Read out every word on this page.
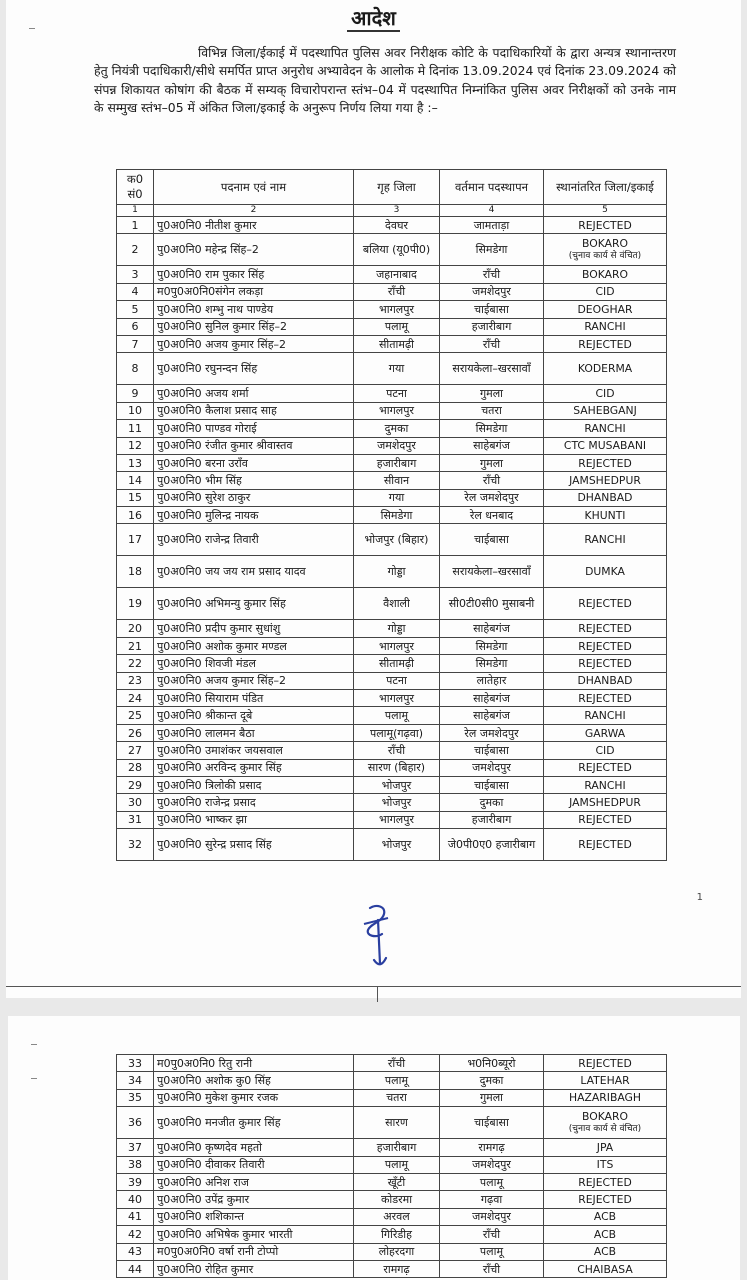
आदेश

विभिन्न जिला/ईकाई में पदस्थापित पुलिस अवर निरीक्षक कोटि के पदाधिकारियों के द्वारा अन्यत्र स्थानान्तरण हेतु नियंत्री पदाधिकारी/सीधे समर्पित प्राप्त अनुरोध अभ्यावेदन के आलोक मे दिनांक 13.09.2024 एवं दिनांक 23.09.2024 को संपन्न शिकायत कोषांग की बैठक में सम्यक् विचारोपरान्त स्तंभ–04 में पदस्थापित निम्नांकित पुलिस अवर निरीक्षकों को उनके नाम के सम्मुख स्तंभ–05 में अंकित जिला/इकाई के अनुरूप निर्णय लिया गया है :–

क0 सं0	पदनाम एवं नाम	गृह जिला	वर्तमान पदस्थापन	स्थानांतरित जिला/इकाई
1	2	3	4	5
1	पु0अ0नि0 नीतीश कुमार	देवघर	जामताड़ा	REJECTED
2	पु0अ0नि0 महेन्द्र सिंह–2	बलिया (यू0पी0)	सिमडेगा	BOKARO
(चुनाव कार्य से वंचित)

3	पु0अ0नि0 राम पुकार सिंह	जहानाबाद	राँची	BOKARO
4	म0पु0अ0नि0संगेन लकड़ा	राँची	जमशेदपुर	CID
5	पु0अ0नि0 शम्भु नाथ पाण्डेय	भागलपुर	चाईबासा	DEOGHAR
6	पु0अ0नि0 सुनिल कुमार सिंह–2	पलामू	हजारीबाग	RANCHI
7	पु0अ0नि0 अजय कुमार सिंह–2	सीतामढ़ी	राँची	REJECTED
8	पु0अ0नि0 रघुनन्दन सिंह	गया	सरायकेला–खरसावाँ	KODERMA
9	पु0अ0नि0 अजय शर्मा	पटना	गुमला	CID
10	पु0अ0नि0 कैलाश प्रसाद साह	भागलपुर	चतरा	SAHEBGANJ
11	पु0अ0नि0 पाण्डव गोराई	दुमका	सिमडेगा	RANCHI
12	पु0अ0नि0 रंजीत कुमार श्रीवास्तव	जमशेदपुर	साहेबगंज	CTC MUSABANI
13	पु0अ0नि0 बरना उराँव	हजारीबाग	गुमला	REJECTED
14	पु0अ0नि0 भीम सिंह	सीवान	राँची	JAMSHEDPUR
15	पु0अ0नि0 सुरेश ठाकुर	गया	रेल जमशेदपुर	DHANBAD
16	पु0अ0नि0 मुलिन्द्र नायक	सिमडेगा	रेल धनबाद	KHUNTI
17	पु0अ0नि0 राजेन्द्र तिवारी	भोजपुर (बिहार)	चाईबासा	RANCHI
18	पु0अ0नि0 जय जय राम प्रसाद यादव	गोड्डा	सरायकेला–खरसावाँ	DUMKA
19	पु0अ0नि0 अभिमन्यु कुमार सिंह	वैशाली	सी0टी0सी0 मुसाबनी	REJECTED
20	पु0अ0नि0 प्रदीप कुमार सुधांशु	गोड्डा	साहेबगंज	REJECTED
21	पु0अ0नि0 अशोक कुमार मण्डल	भागलपुर	सिमडेगा	REJECTED
22	पु0अ0नि0 शिवजी मंडल	सीतामढ़ी	सिमडेगा	REJECTED
23	पु0अ0नि0 अजय कुमार सिंह–2	पटना	लातेहार	DHANBAD
24	पु0अ0नि0 सियाराम पंडित	भागलपुर	साहेबगंज	REJECTED
25	पु0अ0नि0 श्रीकान्त दूबे	पलामू	साहेबगंज	RANCHI
26	पु0अ0नि0 लालमन बैठा	पलामू(गढ़वा)	रेल जमशेदपुर	GARWA
27	पु0अ0नि0 उमाशंकर जयसवाल	राँची	चाईबासा	CID
28	पु0अ0नि0 अरविन्द कुमार सिंह	सारण (बिहार)	जमशेदपुर	REJECTED
29	पु0अ0नि0 त्रिलोकी प्रसाद	भोजपुर	चाईबासा	RANCHI
30	पु0अ0नि0 राजेन्द्र प्रसाद	भोजपुर	दुमका	JAMSHEDPUR
31	पु0अ0नि0 भाष्कर झा	भागलपुर	हजारीबाग	REJECTED
32	पु0अ0नि0 सुरेन्द्र प्रसाद सिंह	भोजपुर	जे0पी0ए0 हजारीबाग	REJECTED
1
33	म0पु0अ0नि0 रितु रानी	राँची	भ0नि0ब्यूरो	REJECTED
34	पु0अ0नि0 अशोक कु0 सिंह	पलामू	दुमका	LATEHAR
35	पु0अ0नि0 मुकेश कुमार रजक	चतरा	गुमला	HAZARIBAGH
36	पु0अ0नि0 मनजीत कुमार सिंह	सारण	चाईबासा	BOKARO
(चुनाव कार्य से वंचित)

37	पु0अ0नि0 कृष्णदेव महतो	हजारीबाग	रामगढ़	JPA
38	पु0अ0नि0 दीवाकर तिवारी	पलामू	जमशेदपुर	ITS
39	पु0अ0नि0 अनिश राज	खूँटी	पलामू	REJECTED
40	पु0अ0नि0 उपेंद्र कुमार	कोडरमा	गढ़वा	REJECTED
41	पु0अ0नि0 शशिकान्त	अरवल	जमशेदपुर	ACB
42	पु0अ0नि0 अभिषेक कुमार भारती	गिरिडीह	राँची	ACB
43	म0पु0अ0नि0 वर्षा रानी टोप्पो	लोहरदगा	पलामू	ACB
44	पु0अ0नि0 रोहित कुमार	रामगढ़	राँची	CHAIBASA
